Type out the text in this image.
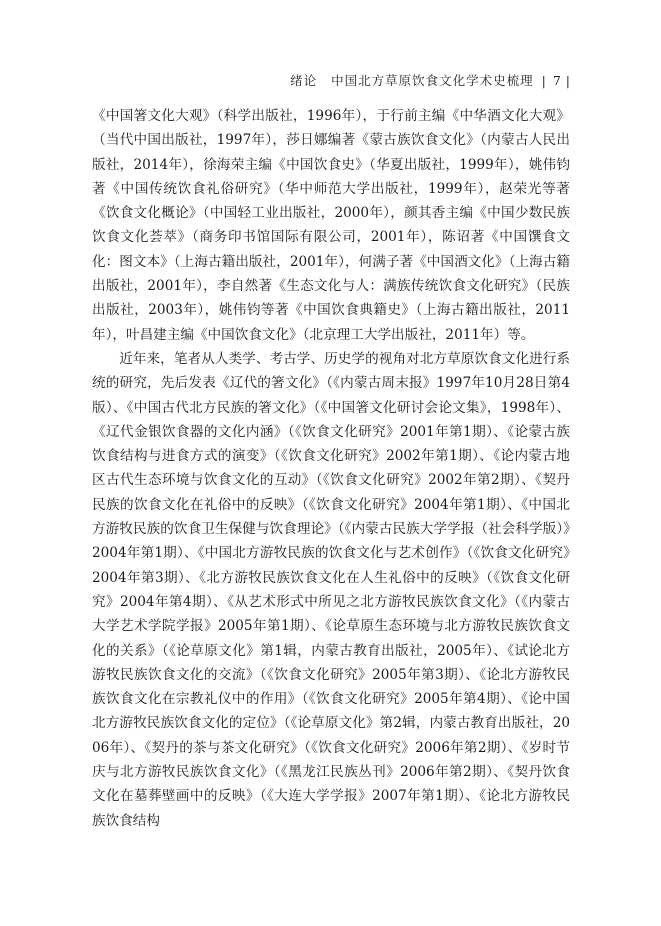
绪论 中国北方草原饮食文化学术史梳理 | 7 |

《中国箸文化大观》（科学出版社，1996年），于行前主编《中华酒文化大观》（当代中国出版社，1997年），莎日娜编著《蒙古族饮食文化》（内蒙古人民出版社，2014年），徐海荣主编《中国饮食史》（华夏出版社，1999年），姚伟钧著《中国传统饮食礼俗研究》（华中师范大学出版社，1999年），赵荣光等著《饮食文化概论》（中国轻工业出版社，2000年），颜其香主编《中国少数民族饮食文化荟萃》（商务印书馆国际有限公司，2001年），陈诏著《中国馔食文化：图文本》（上海古籍出版社，2001年），何满子著《中国酒文化》（上海古籍出版社，2001年），李自然著《生态文化与人：满族传统饮食文化研究》（民族出版社，2003年），姚伟钧等著《中国饮食典籍史》（上海古籍出版社，2011年），叶昌建主编《中国饮食文化》（北京理工大学出版社，2011年）等。

近年来，笔者从人类学、考古学、历史学的视角对北方草原饮食文化进行系统的研究，先后发表《辽代的箸文化》（《内蒙古周末报》1997年10月28日第4版）、《中国古代北方民族的箸文化》（《中国箸文化研讨会论文集》，1998年）、《辽代金银饮食器的文化内涵》（《饮食文化研究》2001年第1期）、《论蒙古族饮食结构与进食方式的演变》（《饮食文化研究》2002年第1期）、《论内蒙古地区古代生态环境与饮食文化的互动》（《饮食文化研究》2002年第2期）、《契丹民族的饮食文化在礼俗中的反映》（《饮食文化研究》2004年第1期）、《中国北方游牧民族的饮食卫生保健与饮食理论》（《内蒙古民族大学学报（社会科学版）》2004年第1期）、《中国北方游牧民族的饮食文化与艺术创作》（《饮食文化研究》2004年第3期）、《北方游牧民族饮食文化在人生礼俗中的反映》（《饮食文化研究》2004年第4期）、《从艺术形式中所见之北方游牧民族饮食文化》（《内蒙古大学艺术学院学报》2005年第1期）、《论草原生态环境与北方游牧民族饮食文化的关系》（《论草原文化》第1辑，内蒙古教育出版社，2005年）、《试论北方游牧民族饮食文化的交流》（《饮食文化研究》2005年第3期）、《论北方游牧民族饮食文化在宗教礼仪中的作用》（《饮食文化研究》2005年第4期）、《论中国北方游牧民族饮食文化的定位》（《论草原文化》第2辑，内蒙古教育出版社，2006年）、《契丹的茶与茶文化研究》（《饮食文化研究》2006年第2期）、《岁时节庆与北方游牧民族饮食文化》（《黑龙江民族丛刊》2006年第2期）、《契丹饮食文化在墓葬壁画中的反映》（《大连大学学报》2007年第1期）、《论北方游牧民族饮食结构
